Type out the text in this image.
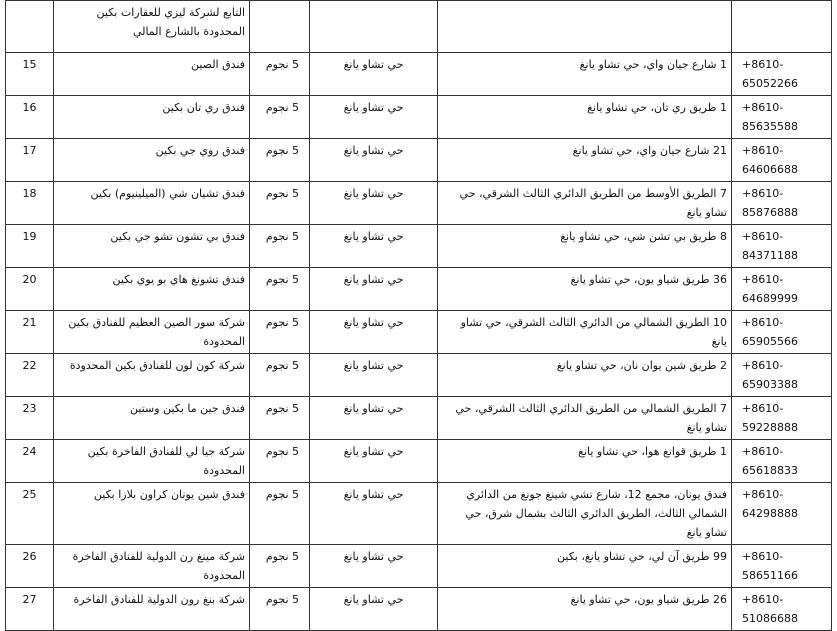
				التابع لشركة ليزي للعقارات بكين المحدودة بالشارع المالي	
+8610-65052266	1 شارع جيان واي، حي تشاو يانغ	حي تشاو يانغ	5 نجوم	فندق الصين	15
+8610-85635588	1 طريق ري تان، حي تشاو يانغ	حي تشاو يانغ	5 نجوم	فندق ري تان بكين	16
+8610-64606688	21 شارع جيان واي، حي تشاو يانغ	حي تشاو يانغ	5 نجوم	فندق روي جي بكين	17
+8610-85876888	7 الطريق الأوسط من الطريق الدائري الثالث الشرقي، حي تشاو يانغ	حي تشاو يانغ	5 نجوم	فندق تشيان شي (الميلينيوم) بكين	18
+8610-84371188	8 طريق بي تشن شي، حي تشاو يانغ	حي تشاو يانغ	5 نجوم	فندق بي تشون تشو جي بكين	19
+8610-64689999	36 طريق شياو يون، حي تشاو يانغ	حي تشاو يانغ	5 نجوم	فندق تشونغ هاي بو يوي بكين	20
+8610-65905566	10 الطريق الشمالي من الدائري الثالث الشرقي، حي تشاو يانغ	حي تشاو يانغ	5 نجوم	شركة سور الصين العظيم للفنادق بكين المحدودة	21
+8610-65903388	2 طريق شين يوان نان، حي تشاو يانغ	حي تشاو يانغ	5 نجوم	شركة كون لون للفنادق بكين المحدودة	22
+8610-59228888	7 الطريق الشمالي من الطريق الدائري الثالث الشرقي، حي تشاو يانغ	حي تشاو يانغ	5 نجوم	فندق جين ما بكين وستين	23
+8610-65618833	1 طريق قوانغ هوا، حي تشاو يانغ	حي تشاو يانغ	5 نجوم	شركة جيا لي للفنادق الفاخرة بكين المحدودة	24
+8610-64298888	فندق يونان، مجمع 12، شارع تشي شينغ جونغ من الدائري الشمالي الثالث، الطريق الدائري الثالث بشمال شرق، حي تشاو يانغ	حي تشاو يانغ	5 نجوم	فندق شين يونان كراون بلازا بكين	25
+8610-58651166	99 طريق آن لي، حي تشاو يانغ، بكين	حي تشاو يانغ	5 نجوم	شركة مينغ رن الدولية للفنادق الفاخرة المحدودة	26
+8610-51086688	26 طريق شياو يون، حي تشاو يانغ	حي تشاو يانغ	5 نجوم	شركة بنغ رون الدولية للفنادق الفاخرة	27
